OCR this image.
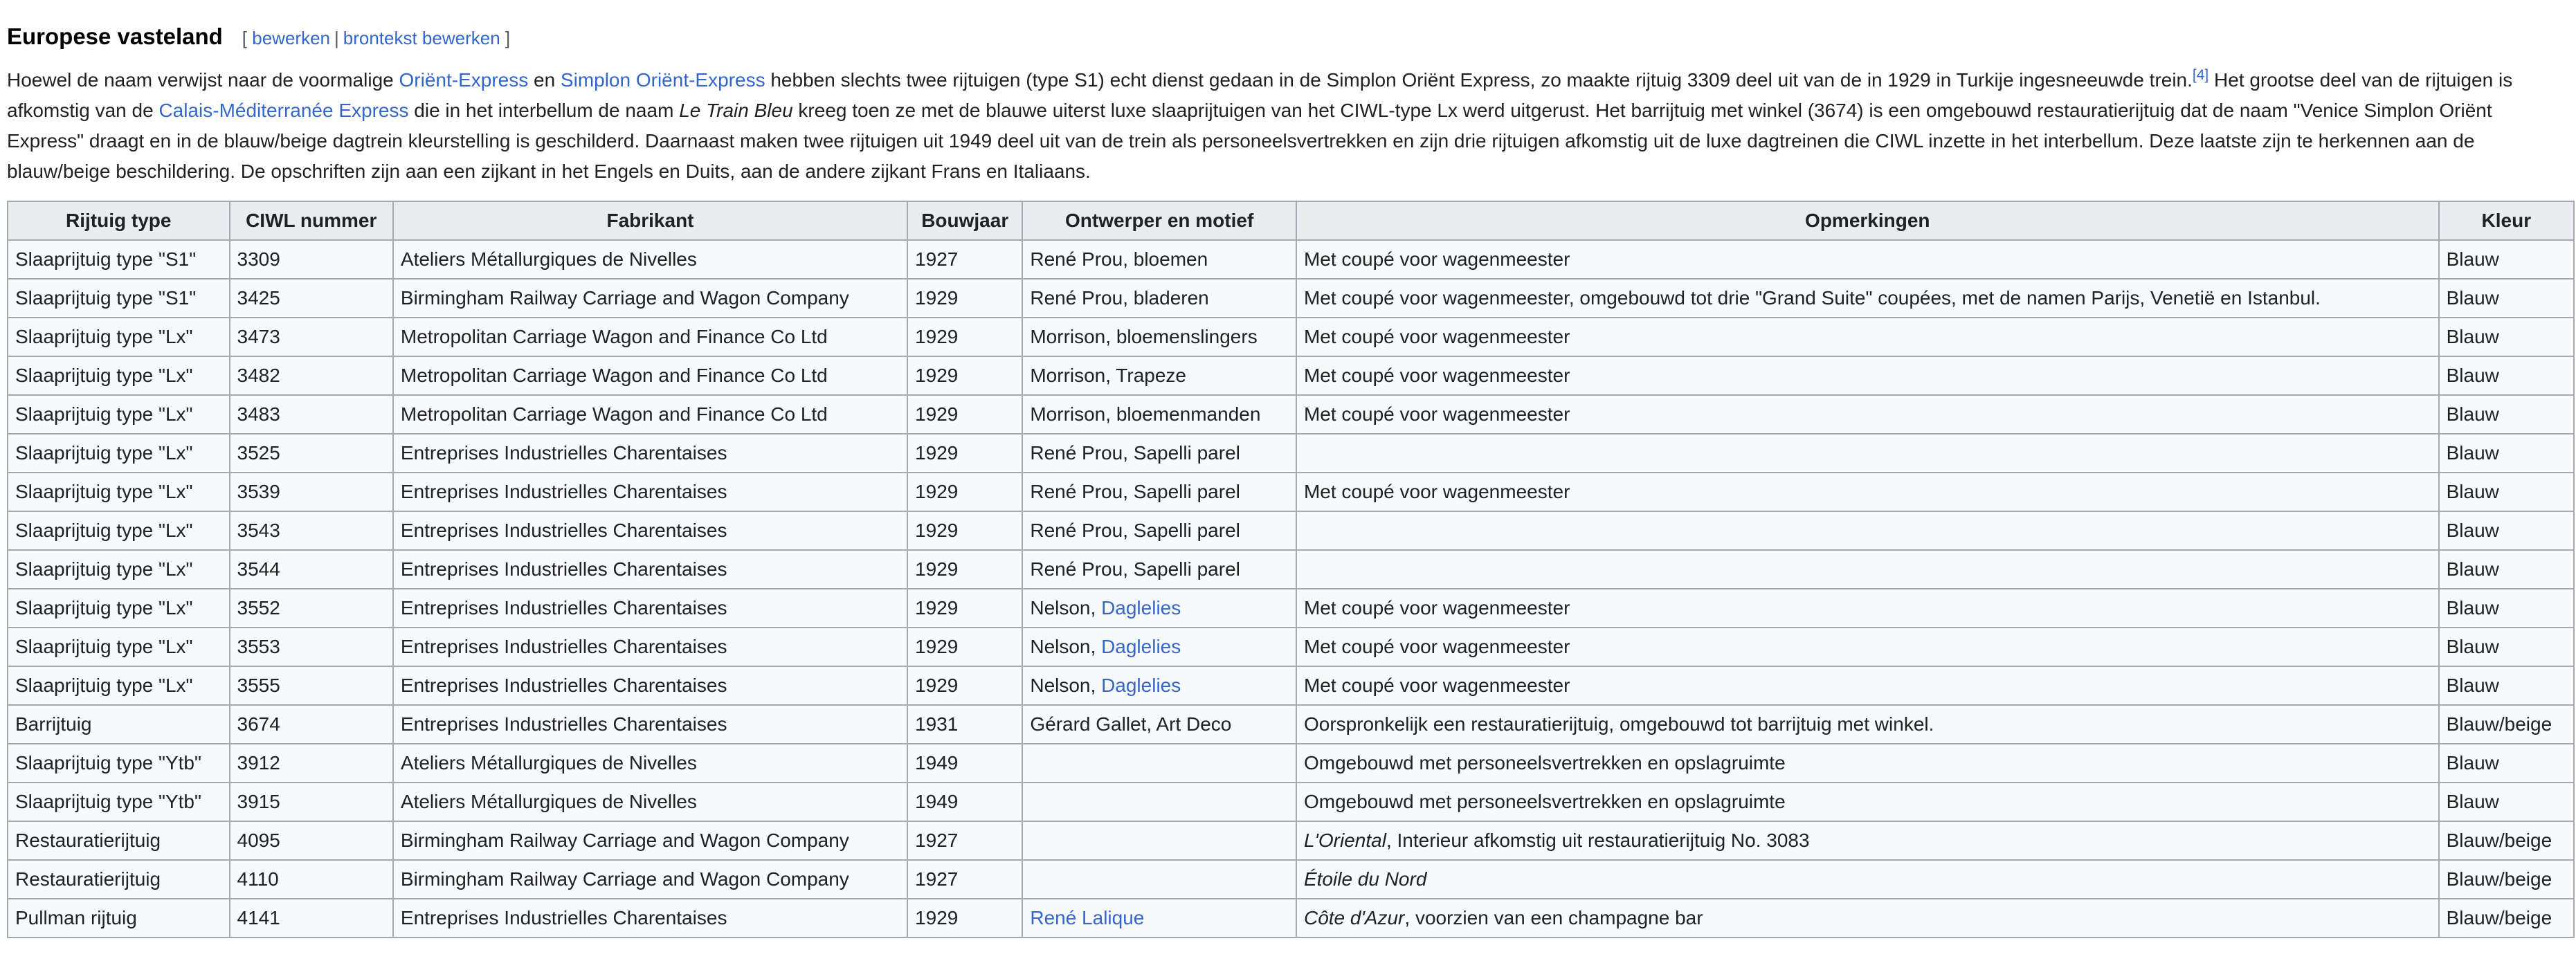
Europese vasteland [ bewerken | brontekst bewerken ]

Hoewel de naam verwijst naar de voormalige Oriënt-Express en Simplon Oriënt-Express hebben slechts twee rijtuigen (type S1) echt dienst gedaan in de Simplon Oriënt Express, zo maakte rijtuig 3309 deel uit van de in 1929 in Turkije ingesneeuwde trein.[4] Het grootse deel van de rijtuigen is afkomstig van de Calais-Méditerranée Express die in het interbellum de naam Le Train Bleu kreeg toen ze met de blauwe uiterst luxe slaaprijtuigen van het CIWL-type Lx werd uitgerust. Het barrijtuig met winkel (3674) is een omgebouwd restauratierijtuig dat de naam "Venice Simplon Oriënt Express" draagt en in de blauw/beige dagtrein kleurstelling is geschilderd. Daarnaast maken twee rijtuigen uit 1949 deel uit van de trein als personeelsvertrekken en zijn drie rijtuigen afkomstig uit de luxe dagtreinen die CIWL inzette in het interbellum. Deze laatste zijn te herkennen aan de blauw/beige beschildering. De opschriften zijn aan een zijkant in het Engels en Duits, aan de andere zijkant Frans en Italiaans.

Rijtuig type	CIWL nummer	Fabrikant	Bouwjaar	Ontwerper en motief	Opmerkingen	Kleur
Slaaprijtuig type "S1"	3309	Ateliers Métallurgiques de Nivelles	1927	René Prou, bloemen	Met coupé voor wagenmeester	Blauw
Slaaprijtuig type "S1"	3425	Birmingham Railway Carriage and Wagon Company	1929	René Prou, bladeren	Met coupé voor wagenmeester, omgebouwd tot drie "Grand Suite" coupées, met de namen Parijs, Venetië en Istanbul.	Blauw
Slaaprijtuig type "Lx"	3473	Metropolitan Carriage Wagon and Finance Co Ltd	1929	Morrison, bloemenslingers	Met coupé voor wagenmeester	Blauw
Slaaprijtuig type "Lx"	3482	Metropolitan Carriage Wagon and Finance Co Ltd	1929	Morrison, Trapeze	Met coupé voor wagenmeester	Blauw
Slaaprijtuig type "Lx"	3483	Metropolitan Carriage Wagon and Finance Co Ltd	1929	Morrison, bloemenmanden	Met coupé voor wagenmeester	Blauw
Slaaprijtuig type "Lx"	3525	Entreprises Industrielles Charentaises	1929	René Prou, Sapelli parel		Blauw
Slaaprijtuig type "Lx"	3539	Entreprises Industrielles Charentaises	1929	René Prou, Sapelli parel	Met coupé voor wagenmeester	Blauw
Slaaprijtuig type "Lx"	3543	Entreprises Industrielles Charentaises	1929	René Prou, Sapelli parel		Blauw
Slaaprijtuig type "Lx"	3544	Entreprises Industrielles Charentaises	1929	René Prou, Sapelli parel		Blauw
Slaaprijtuig type "Lx"	3552	Entreprises Industrielles Charentaises	1929	Nelson, Daglelies	Met coupé voor wagenmeester	Blauw
Slaaprijtuig type "Lx"	3553	Entreprises Industrielles Charentaises	1929	Nelson, Daglelies	Met coupé voor wagenmeester	Blauw
Slaaprijtuig type "Lx"	3555	Entreprises Industrielles Charentaises	1929	Nelson, Daglelies	Met coupé voor wagenmeester	Blauw
Barrijtuig	3674	Entreprises Industrielles Charentaises	1931	Gérard Gallet, Art Deco	Oorspronkelijk een restauratierijtuig, omgebouwd tot barrijtuig met winkel.	Blauw/beige
Slaaprijtuig type "Ytb"	3912	Ateliers Métallurgiques de Nivelles	1949		Omgebouwd met personeelsvertrekken en opslagruimte	Blauw
Slaaprijtuig type "Ytb"	3915	Ateliers Métallurgiques de Nivelles	1949		Omgebouwd met personeelsvertrekken en opslagruimte	Blauw
Restauratierijtuig	4095	Birmingham Railway Carriage and Wagon Company	1927		L'Oriental, Interieur afkomstig uit restauratierijtuig No. 3083	Blauw/beige
Restauratierijtuig	4110	Birmingham Railway Carriage and Wagon Company	1927		Étoile du Nord	Blauw/beige
Pullman rijtuig	4141	Entreprises Industrielles Charentaises	1929	René Lalique	Côte d'Azur, voorzien van een champagne bar	Blauw/beige
